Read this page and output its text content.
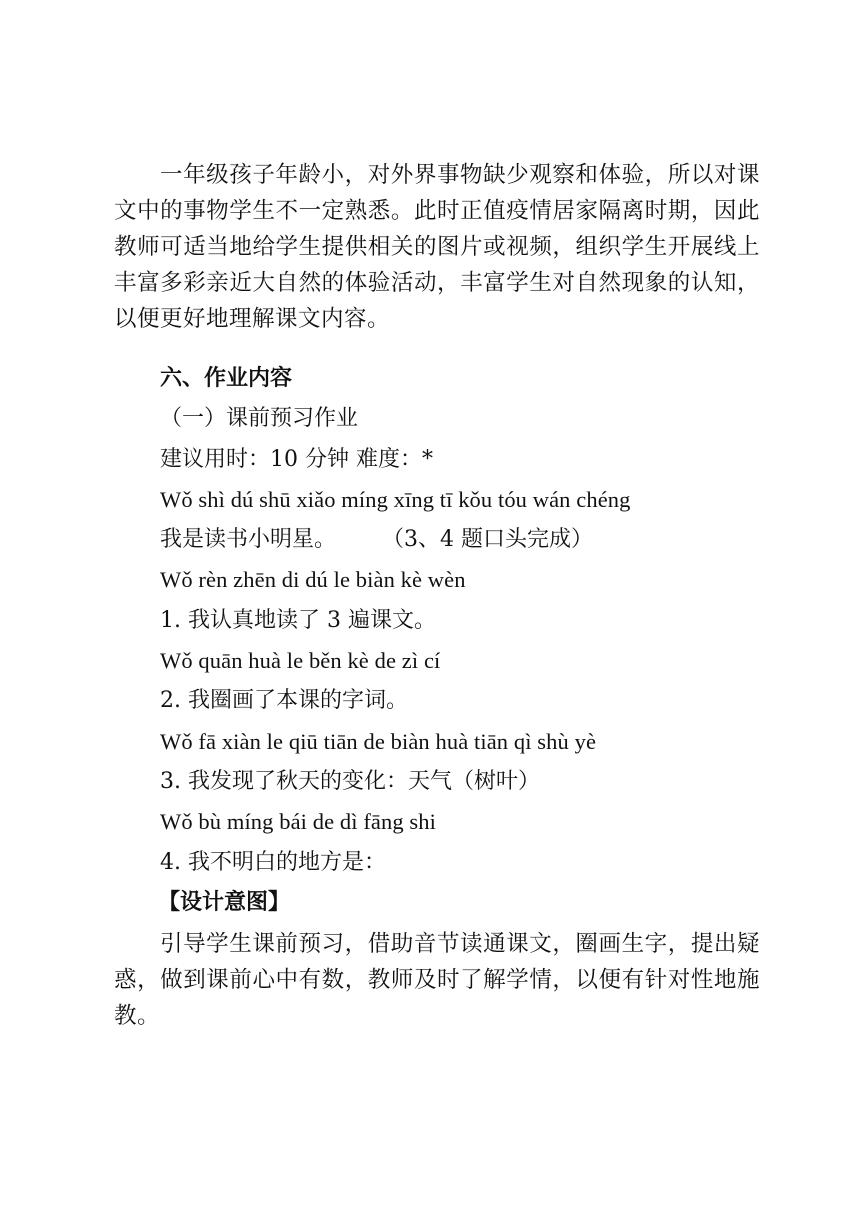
一年级孩子年龄小，对外界事物缺少观察和体验，所以对课文中的事物学生不一定熟悉。此时正值疫情居家隔离时期，因此教师可适当地给学生提供相关的图片或视频，组织学生开展线上丰富多彩亲近大自然的体验活动，丰富学生对自然现象的认知，以便更好地理解课文内容。

六、作业内容

（一）课前预习作业

建议用时：10 分钟 难度：*

Wǒ shì dú shū xiǎo míng xīng tī kǒu tóu wán chéng

我是读书小明星。 （3、4 题口头完成）

Wǒ rèn zhēn di dú le biàn kè wèn

1. 我认真地读了 3 遍课文。

Wǒ quān huà le běn kè de zì cí

2. 我圈画了本课的字词。

Wǒ fā xiàn le qiū tiān de biàn huà tiān qì shù yè

3. 我发现了秋天的变化：天气（树叶）

Wǒ bù míng bái de dì fāng shi

4. 我不明白的地方是：

【设计意图】

引导学生课前预习，借助音节读通课文，圈画生字，提出疑惑，做到课前心中有数，教师及时了解学情，以便有针对性地施教。
